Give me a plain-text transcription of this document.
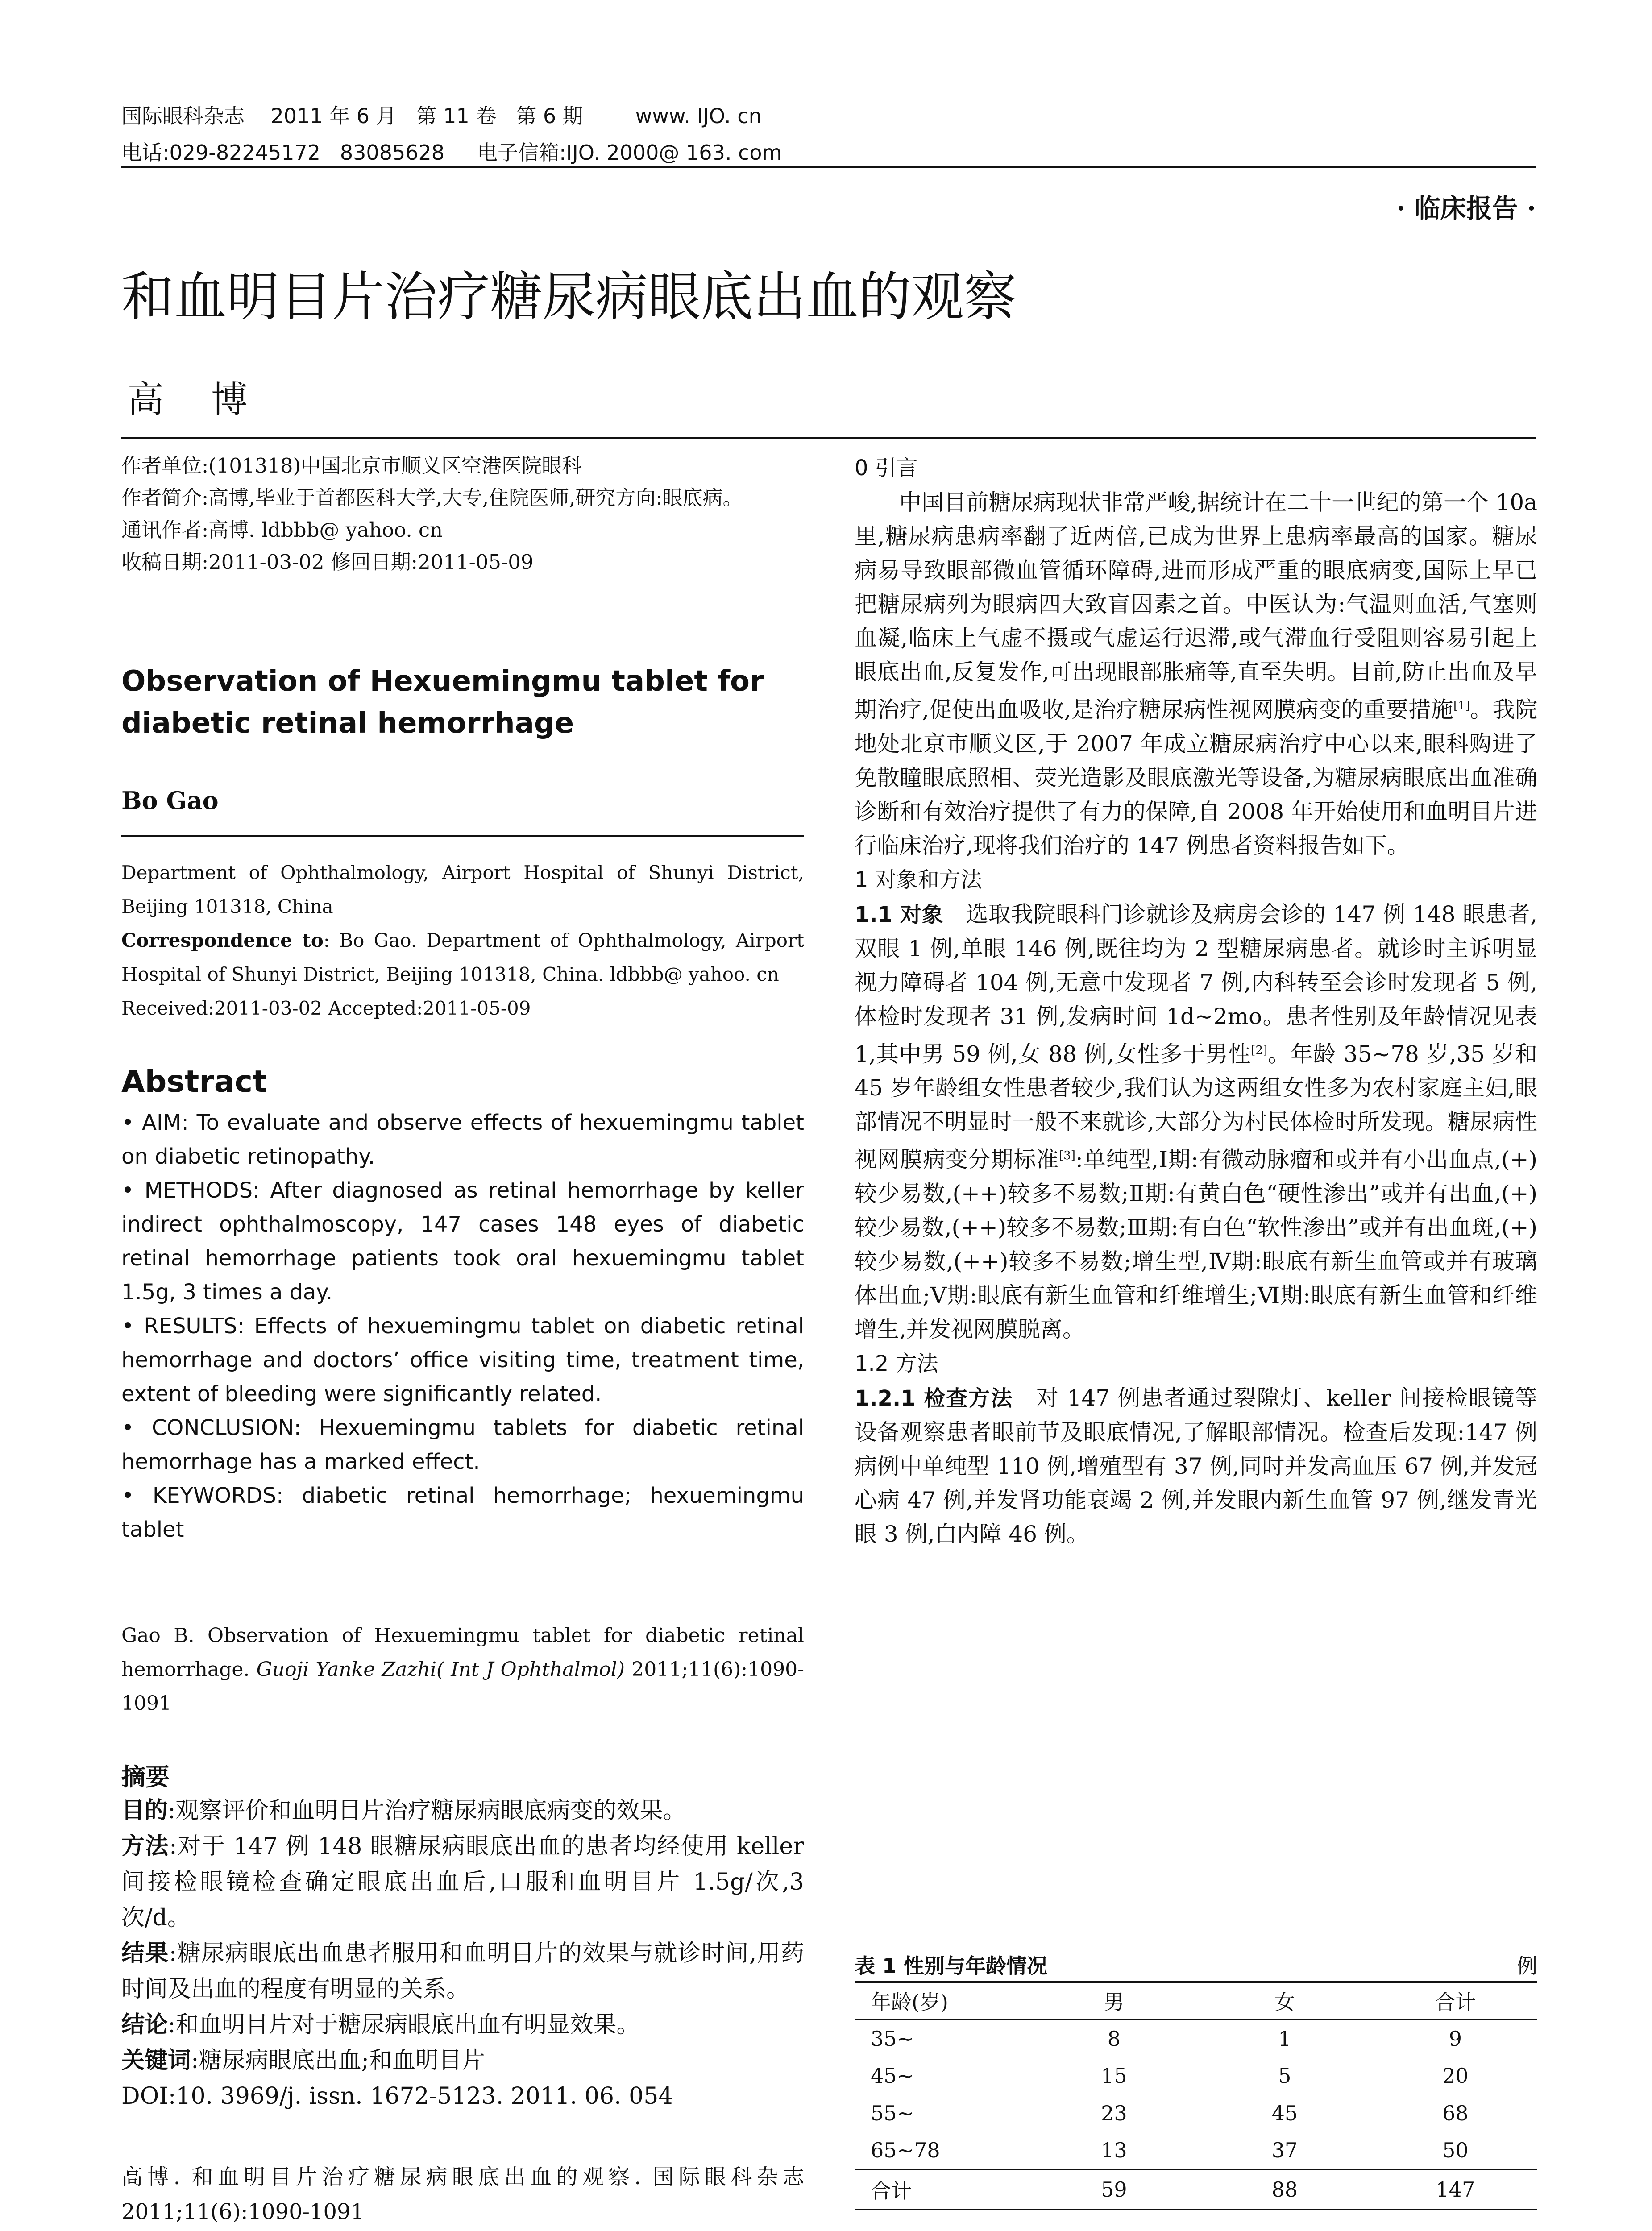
国际眼科杂志    2011 年 6 月   第 11 卷   第 6 期        www. IJO. cn
电话:029-82245172   83085628     电子信箱:IJO. 2000@ 163. com
· 临床报告 ·
和血明目片治疗糖尿病眼底出血的观察
高 博
作者单位:(101318)中国北京市顺义区空港医院眼科
作者简介:高博,毕业于首都医科大学,大专,住院医师,研究方向:眼底病。
通讯作者:高博. ldbbb@ yahoo. cn
收稿日期:2011-03-02 修回日期:2011-05-09
Observation of Hexuemingmu tablet for diabetic retinal hemorrhage
Bo Gao
Department of Ophthalmology, Airport Hospital of Shunyi District, Beijing 101318, China
Correspondence to: Bo Gao. Department of Ophthalmology, Airport Hospital of Shunyi District, Beijing 101318, China. ldbbb@ yahoo. cn
Received:2011-03-02 Accepted:2011-05-09
Abstract
• AIM: To evaluate and observe effects of hexuemingmu tablet on diabetic retinopathy.
• METHODS: After diagnosed as retinal hemorrhage by keller indirect ophthalmoscopy, 147 cases 148 eyes of diabetic retinal hemorrhage patients took oral hexuemingmu tablet 1.5g, 3 times a day.
• RESULTS: Effects of hexuemingmu tablet on diabetic retinal hemorrhage and doctors’ office visiting time, treatment time, extent of bleeding were significantly related.
• CONCLUSION: Hexuemingmu tablets for diabetic retinal hemorrhage has a marked effect.
• KEYWORDS: diabetic retinal hemorrhage; hexuemingmu tablet
Gao B. Observation of Hexuemingmu tablet for diabetic retinal hemorrhage. Guoji Yanke Zazhi( Int J Ophthalmol) 2011;11(6):1090-1091
摘要
目的:观察评价和血明目片治疗糖尿病眼底病变的效果。
方法:对于 147 例 148 眼糖尿病眼底出血的患者均经使用 keller 间接检眼镜检查确定眼底出血后,口服和血明目片 1.5g/次,3 次/d。
结果:糖尿病眼底出血患者服用和血明目片的效果与就诊时间,用药时间及出血的程度有明显的关系。
结论:和血明目片对于糖尿病眼底出血有明显效果。
关键词:糖尿病眼底出血;和血明目片
DOI:10. 3969/j. issn. 1672-5123. 2011. 06. 054
高博. 和血明目片治疗糖尿病眼底出血的观察. 国际眼科杂志 2011;11(6):1090-1091
0 引言

中国目前糖尿病现状非常严峻,据统计在二十一世纪的第一个 10a 里,糖尿病患病率翻了近两倍,已成为世界上患病率最高的国家。糖尿病易导致眼部微血管循环障碍,进而形成严重的眼底病变,国际上早已把糖尿病列为眼病四大致盲因素之首。中医认为:气温则血活,气塞则血凝,临床上气虚不摄或气虚运行迟滞,或气滞血行受阻则容易引起上眼底出血,反复发作,可出现眼部胀痛等,直至失明。目前,防止出血及早期治疗,促使出血吸收,是治疗糖尿病性视网膜病变的重要措施[1]。我院地处北京市顺义区,于 2007 年成立糖尿病治疗中心以来,眼科购进了免散瞳眼底照相、荧光造影及眼底激光等设备,为糖尿病眼底出血准确诊断和有效治疗提供了有力的保障,自 2008 年开始使用和血明目片进行临床治疗,现将我们治疗的 147 例患者资料报告如下。

1 对象和方法

1.1 对象 选取我院眼科门诊就诊及病房会诊的 147 例 148 眼患者,双眼 1 例,单眼 146 例,既往均为 2 型糖尿病患者。就诊时主诉明显视力障碍者 104 例,无意中发现者 7 例,内科转至会诊时发现者 5 例,体检时发现者 31 例,发病时间 1d~2mo。患者性别及年龄情况见表 1,其中男 59 例,女 88 例,女性多于男性[2]。年龄 35~78 岁,35 岁和 45 岁年龄组女性患者较少,我们认为这两组女性多为农村家庭主妇,眼部情况不明显时一般不来就诊,大部分为村民体检时所发现。糖尿病性视网膜病变分期标准[3]:单纯型,Ⅰ期:有微动脉瘤和或并有小出血点,(+)较少易数,(++)较多不易数;Ⅱ期:有黄白色“硬性渗出”或并有出血,(+)较少易数,(++)较多不易数;Ⅲ期:有白色“软性渗出”或并有出血斑,(+)较少易数,(++)较多不易数;增生型,Ⅳ期:眼底有新生血管或并有玻璃体出血;Ⅴ期:眼底有新生血管和纤维增生;Ⅵ期:眼底有新生血管和纤维增生,并发视网膜脱离。

1.2 方法

1.2.1 检查方法 对 147 例患者通过裂隙灯、keller 间接检眼镜等设备观察患者眼前节及眼底情况,了解眼部情况。检查后发现:147 例病例中单纯型 110 例,增殖型有 37 例,同时并发高血压 67 例,并发冠心病 47 例,并发肾功能衰竭 2 例,并发眼内新生血管 97 例,继发青光眼 3 例,白内障 46 例。

表 1 性别与年龄情况	例
年龄(岁)	男	女	合计
35~	8	1	9
45~	15	5	20
55~	23	45	68
65~78	13	37	50
合计	59	88	147
